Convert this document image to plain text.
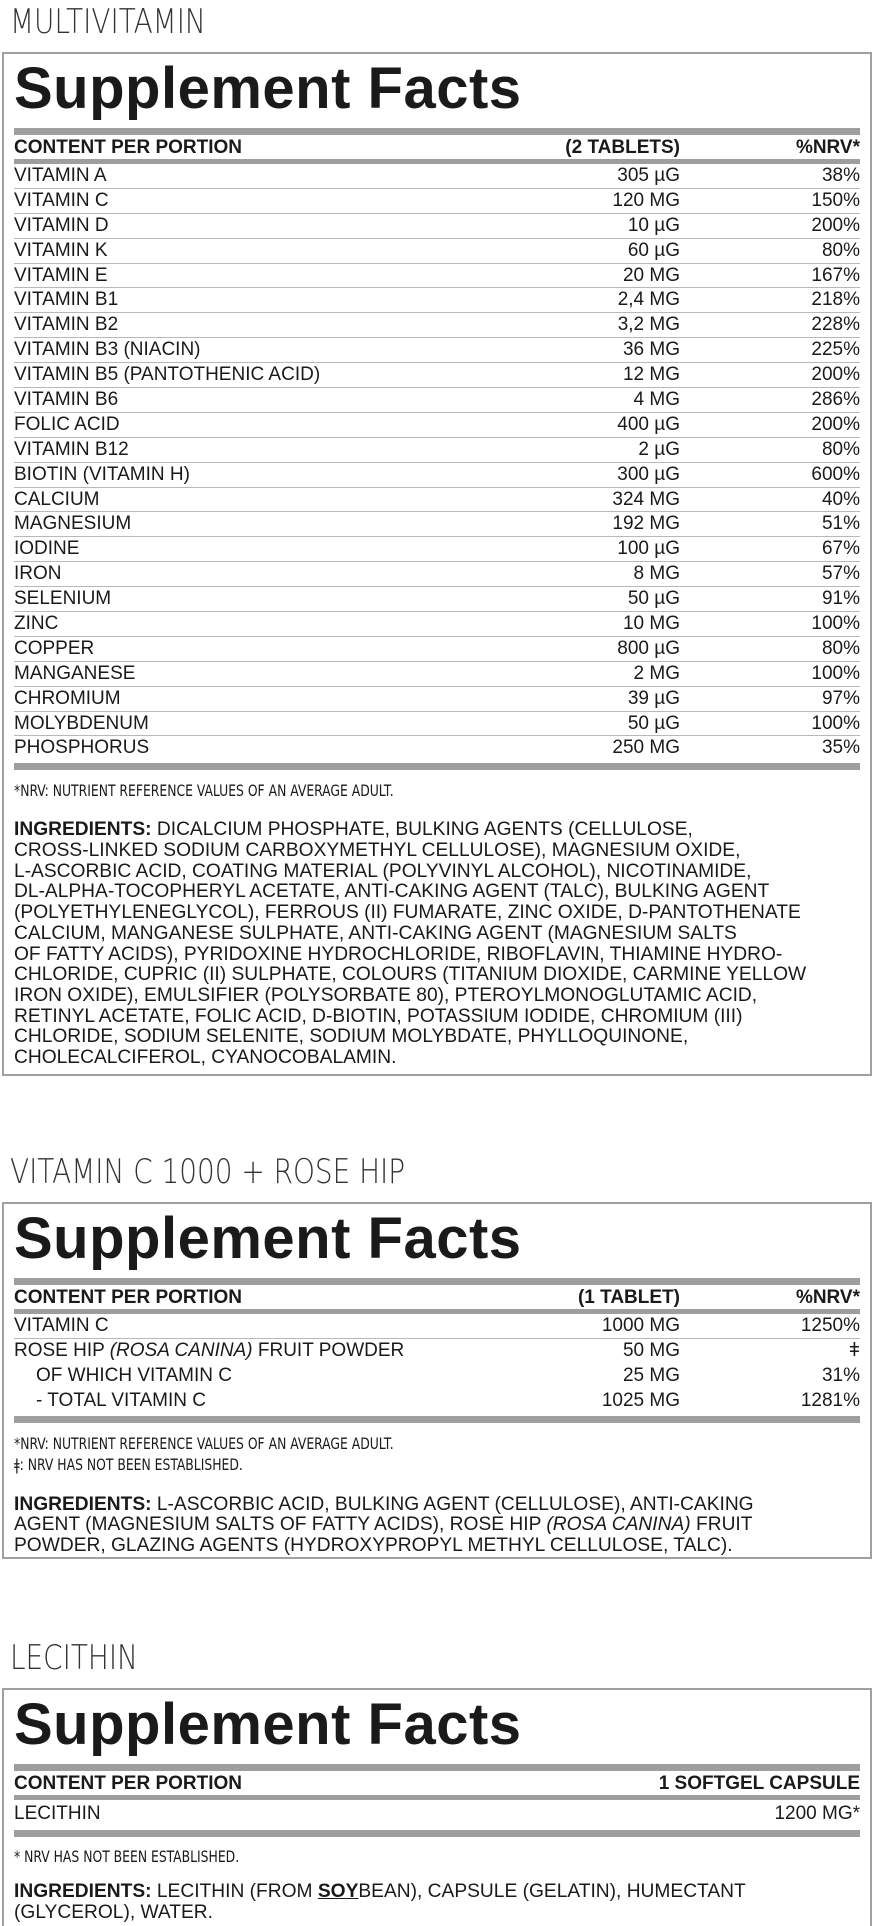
MULTIVITAMIN
Supplement Facts
CONTENT PER PORTION	(2 TABLETS)	%NRV*
VITAMIN A	305 µG	38%
VITAMIN C	120 MG	150%
VITAMIN D	10 µG	200%
VITAMIN K	60 µG	80%
VITAMIN E	20 MG	167%
VITAMIN B1	2,4 MG	218%
VITAMIN B2	3,2 MG	228%
VITAMIN B3 (NIACIN)	36 MG	225%
VITAMIN B5 (PANTOTHENIC ACID)	12 MG	200%
VITAMIN B6	4 MG	286%
FOLIC ACID	400 µG	200%
VITAMIN B12	2 µG	80%
BIOTIN (VITAMIN H)	300 µG	600%
CALCIUM	324 MG	40%
MAGNESIUM	192 MG	51%
IODINE	100 µG	67%
IRON	8 MG	57%
SELENIUM	50 µG	91%
ZINC	10 MG	100%
COPPER	800 µG	80%
MANGANESE	2 MG	100%
CHROMIUM	39 µG	97%
MOLYBDENUM	50 µG	100%
PHOSPHORUS	250 MG	35%
*NRV: NUTRIENT REFERENCE VALUES OF AN AVERAGE ADULT.
INGREDIENTS: DICALCIUM PHOSPHATE, BULKING AGENTS (CELLULOSE,
CROSS-LINKED SODIUM CARBOXYMETHYL CELLULOSE), MAGNESIUM OXIDE,
L-ASCORBIC ACID, COATING MATERIAL (POLYVINYL ALCOHOL), NICOTINAMIDE,
DL-ALPHA-TOCOPHERYL ACETATE, ANTI-CAKING AGENT (TALC), BULKING AGENT
(POLYETHYLENEGLYCOL), FERROUS (II) FUMARATE, ZINC OXIDE, D-PANTOTHENATE
CALCIUM, MANGANESE SULPHATE, ANTI-CAKING AGENT (MAGNESIUM SALTS
OF FATTY ACIDS), PYRIDOXINE HYDROCHLORIDE, RIBOFLAVIN, THIAMINE HYDRO-
CHLORIDE, CUPRIC (II) SULPHATE, COLOURS (TITANIUM DIOXIDE, CARMINE YELLOW
IRON OXIDE), EMULSIFIER (POLYSORBATE 80), PTEROYLMONOGLUTAMIC ACID,
RETINYL ACETATE, FOLIC ACID, D-BIOTIN, POTASSIUM IODIDE, CHROMIUM (III)
CHLORIDE, SODIUM SELENITE, SODIUM MOLYBDATE, PHYLLOQUINONE,
CHOLECALCIFEROL, CYANOCOBALAMIN.
VITAMIN C 1000 + ROSE HIP
Supplement Facts
CONTENT PER PORTION	(1 TABLET)	%NRV*
VITAMIN C	1000 MG	1250%
ROSE HIP (ROSA CANINA) FRUIT POWDER	50 MG	ǂ
OF WHICH VITAMIN C	25 MG	31%
- TOTAL VITAMIN C	1025 MG	1281%
*NRV: NUTRIENT REFERENCE VALUES OF AN AVERAGE ADULT.
ǂ: NRV HAS NOT BEEN ESTABLISHED.
INGREDIENTS: L-ASCORBIC ACID, BULKING AGENT (CELLULOSE), ANTI-CAKING
AGENT (MAGNESIUM SALTS OF FATTY ACIDS), ROSE HIP (ROSA CANINA) FRUIT
POWDER, GLAZING AGENTS (HYDROXYPROPYL METHYL CELLULOSE, TALC).
LECITHIN
Supplement Facts
CONTENT PER PORTION	1 SOFTGEL CAPSULE
LECITHIN	1200 MG*
* NRV HAS NOT BEEN ESTABLISHED.
INGREDIENTS: LECITHIN (FROM SOYBEAN), CAPSULE (GELATIN), HUMECTANT
(GLYCEROL), WATER.
